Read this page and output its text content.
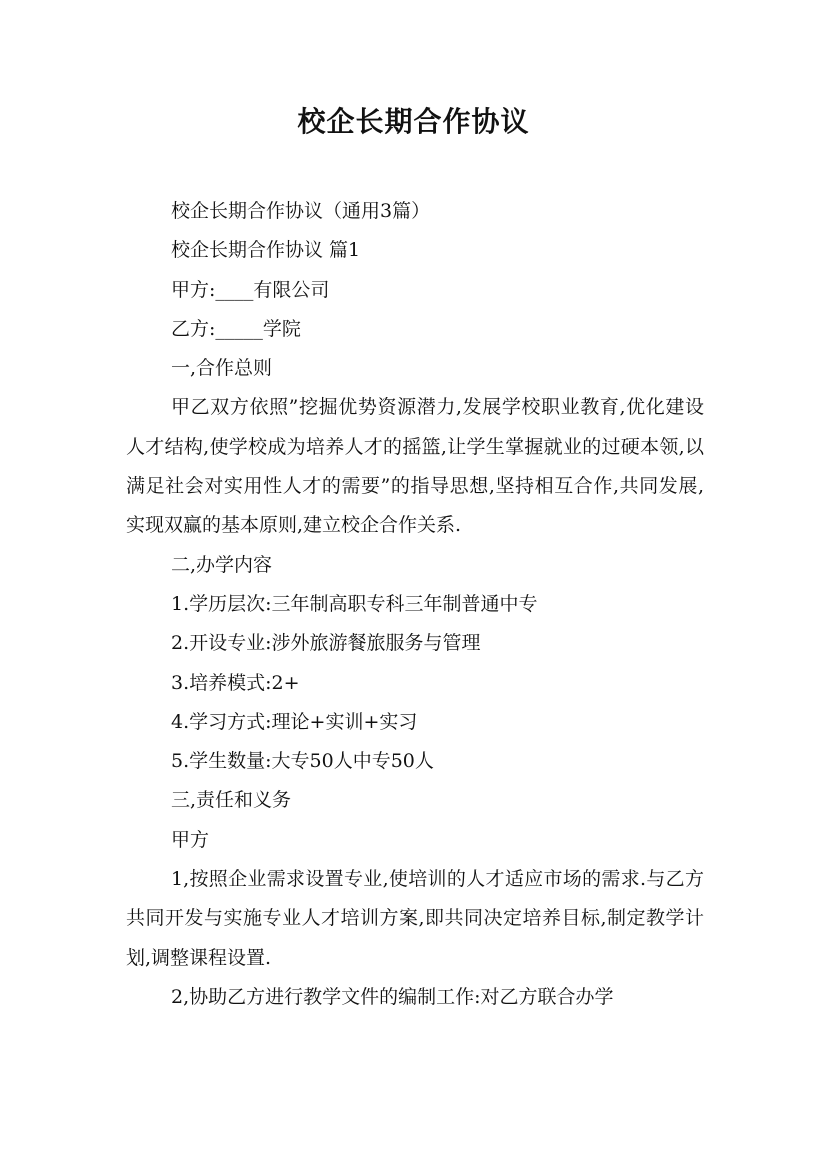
校企长期合作协议

校企长期合作协议（通用3篇）

校企长期合作协议 篇1

甲方:____有限公司

乙方:_____学院

一,合作总则

甲乙双方依照”挖掘优势资源潜力,发展学校职业教育,优化建设人才结构,使学校成为培养人才的摇篮,让学生掌握就业的过硬本领,以满足社会对实用性人才的需要”的指导思想,坚持相互合作,共同发展,实现双赢的基本原则,建立校企合作关系.

二,办学内容

1.学历层次:三年制高职专科三年制普通中专

2.开设专业:涉外旅游餐旅服务与管理

3.培养模式:2+

4.学习方式:理论+实训+实习

5.学生数量:大专50人中专50人

三,责任和义务

甲方

1,按照企业需求设置专业,使培训的人才适应市场的需求.与乙方共同开发与实施专业人才培训方案,即共同决定培养目标,制定教学计划,调整课程设置.

2,协助乙方进行教学文件的编制工作:对乙方联合办学
